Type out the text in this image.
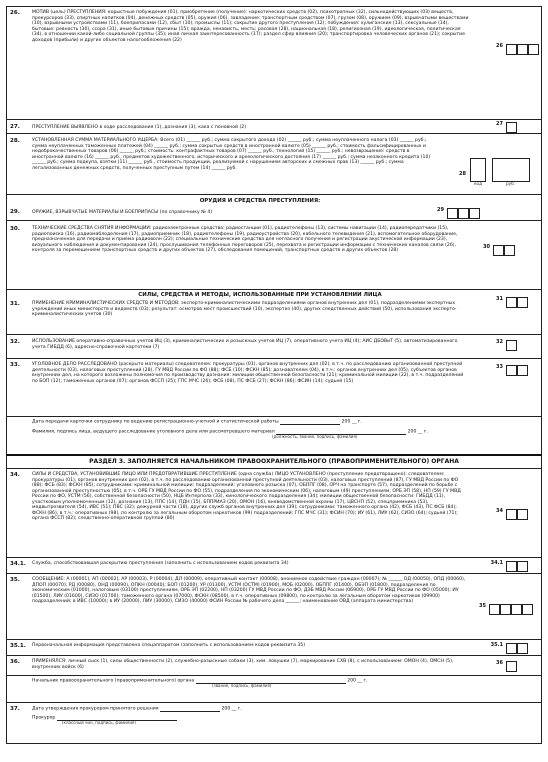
26.	МОТИВ (цель) ПРЕСТУПЛЕНИЯ: корыстные побуждения (01), приобретение (получение): наркотических средств (02), психотропных (32), сильнодействующих (03) веществ, прекурсоров (33), спиртных напитков (04), денежных средств (05), оружия (06), завладение: транспортным средством (07), грузом (08), оружием (09), взрывчатыми веществами (10), взрывными устройствами (11), боеприпасами (12), сбыт (10); промыслы (11); сокрытие другого преступления (12); побуждения: хулиганские (13), сексуальные (14), бытовые: ревность (30), ссора (31), иные бытовые причины (15); вражда, ненависть, месть: расовая (28), национальная (18), религиозная (19), идеологическая, политическая (34), в отношении какой-либо социальной группы (35); иная личная заинтересованность (17); раздел сфер влияния (20); транспортировка человеческих органов (21); сокрытие доходов (прибыли) и других объектов налогообложения (22)
26
27.	ПРЕСТУПЛЕНИЕ ВЫЯВЛЕНО в ходе расследования (1), дознания (3); кака с поновной (2)
27
28.	УСТАНОВЛЕННАЯ СУММА МАТЕРИАЛЬНОГО УЩЕРБА: Всего (01) ______ руб.; сумма сокрытого дохода (02) ______ руб.; сумма неуплаченного налога (03) ______ руб.; сумма неуплаченных таможенных платежей (04) ______ руб.; сумма сокрытых средств в иностранной валюте (05) ______ руб.; стоимость фальсифицированных и недоброкачественных товаров (06) ______ руб.; стоимость: контрафактных товаров (07) ______ руб., технологий (15) ______ руб.; невозвращение: средств в иностранной валюте (16) ______ руб., предметов художественного, исторического и археологического достояния (17) ______ руб.; сумма незаконного кредита (10) ______ руб.; сумма подкупа, взятки (11) ______ руб., стоимость продукции, реализуемой с нарушением авторских и смежных прав (13) ______ руб.; сумма легализованных денежных средств, полученных преступным путем (14) ______ руб.
28
код	руб.
ОРУДИЯ И СРЕДСТВА ПРЕСТУПЛЕНИЯ:
29.	ОРУЖИЕ, ВЗРЫВЧАТЫЕ МАТЕРИАЛЫ И БОЕПРИПАСЫ (по справочнику № 4)	29
30.	ТЕХНИЧЕСКИЕ СРЕДСТВА СНЯТИЯ ИНФОРМАЦИИ: радиоэлектронные средства: радиостанции (01), радиотелефоны (13), системы навигации (14), радиопередатчики (15), радиопоиска (16), радиомаблоделения (17), радиоприемник (18), радиотелефоны (19), радиоустройства (20), кабельного телевидения (21), вспомогательное оборудование, предназначенное для передачи и приема радиоволн (22); специальные технические средства для негласного получения и регистрации акустической информации (23), визуального наблюдения и документирования (24), прослушивания телефонных переговоров (25), перехвата и регистрации информации с технических каналов связи (26), контроля за перемещением транспортных средств и других объектов (27), обследования помещений, транспортных средств и других объектов (28)
30
СИЛЫ, СРЕДСТВА И МЕТОДЫ, ИСПОЛЬЗОВАННЫЕ ПРИ УСТАНОВЛЕНИИ ЛИЦА
31.	ПРИМЕНЕНИЕ КРИМИНАЛИСТИЧЕСКИХ СРЕДСТВ И МЕТОДОВ: эксперто-криминалистическими подразделениями органов внутренних дел (01), подразделениями экспертных учреждений иных министерств и ведомств (03); результат: осмотров мест происшествий (10), экспертиз (40), других следственных действий (50), использования эксперто-криминалистических учетов (30)
31
32.	ИСПОЛЬЗОВАНИЕ оперативно-справочных учетов ИЦ (3), криминалистических и розыскных учетов ИЦ (7), оперативного учета ИЦ (4); АИС ДБОВиТ (5), автоматизированного учета ГИБДД (6), адресно-справочной картотеки (7)
32
33.	УГОЛОВНОЕ ДЕЛО РАССЛЕДОВАНО (раскрыто материалы) следователем: прокуратуры (01), органов внутренних дел (02), в т.ч. по расследованию организованной преступной деятельности (03), налоговых преступлений (28), ГУ МВД России по ФО (88); ФСБ (10); ФСКН (85); дознавателем (04), в т.ч.: органов внутренних дел (05), субъектов органов внутренних дел, на которого возложены полномочия по производству дознания: милиции общественной безопасности (21); криминальной милиции (22), в т.ч. подразделений по БОП (12); таможенных органов (07); органов ФССП (25); ГПС МЧС (26); ФСБ (08), ПС ФСБ (27); ФСКН (86); ФСИН (14); судьей (15)
33
Дата передачи карточки сотруднику по ведению регистрационно-учетной и статистической работы	200 __ г.
Фамилия, подпись лица, ведущего расследование уголовного дела или рассмотревшего материал	200 __ г.
(должность, звание, подпись, фамилия)
РАЗДЕЛ 3. ЗАПОЛНЯЕТСЯ НАЧАЛЬНИКОМ ПРАВООХРАНИТЕЛЬНОГО (ПРАВОПРИМЕНИТЕЛЬНОГО) ОРГАНА
34.	СИЛЫ И СРЕДСТВА, УСТАНОВИВШИЕ ЛИЦО ИЛИ ПРЕДОТВРАТИВШИЕ ПРЕСТУПЛЕНИЕ (одна служба) ЛИЦО УСТАНОВЛЕНО (преступление предотвращено): следователем: прокуратуры (01), органов внутренних дел (02), в т.ч. по расследованию организованной преступной деятельности (03), налоговых преступлений (87), ГУ МВД России по ФО (88); ФСБ (83); ФСКН (85); сотрудниками: криминальной милиции: подразделений: уголовного розыска (07), ОБППГ (08), ОРЧ на транспорте (57), подразделений по борьбе с организованной преступностью (05), в т.ч. ОРБ ГУ МВД России по ФО (55), подразделения по экономическим (06), налоговым (49) преступлениям, ОРБ ЭП (58), НП (59) ГУ МВД России по ФО, УСТМ (56), собственной безопасности (50), НЦБ Интерпола (33), кинологического подразделения (34); милиции общественной безопасности: ГИБДД (11), участковым уполномоченным (12), дознания (13), ППС (14), ПДН (15), БППРИАЗ (20), ОМОН (16), вневедомственной охраны (17), ЦВСНП (52), спецприемника (53), медвытрезвителя (54), ИВС (51); ПВС (32); дежурной части (18), других служб органов внутренних дел (39); сотрудниками: таможенного органа (42), ФСБ (43), ПС ФСБ (84); ФСКН (86), в т.ч.: оперативных (98), по контролю за легальным оборотом наркотиков (99) подразделений; ГПС МЧС (31); ФСИН (70); ИУ (61), ЛИУ (62), СИЗО (64); судьей (71); органа ФССП (82); следственно-оперативной группой (80)
34
34.1. Служба, способствовавшая раскрытию преступления (заполнить с использованием кодов реквизита 34)	34.1
35.	СООБЩЕНИЕ: А (00001), АП (00002), АР (00003), Р (00004), ДЛ (00009), оперативный контакт (00008), анонимное содействие граждан (00007); № ______ ОД (00050), ОПД (00060), ДПОП (00070), РД (00080), ОНД (00090), ОПКН (00040); БОП (01200), УР (01300), УСТМ (ОСТМ) (01900), МОБ (02000), ОБППГ (01400), ОБЭП (01800), подразделения по экономическим (01000), налоговым (03100) преступлениям, ОРБ ЭП (02200), НП (03200) ГУ МВД России по ФО, ДЭБ МВД России (06900), ОРБ ГУ МВД России по ФО (05000); ИУ (01500), ЛИУ (01600), СИЗО (01700), таможенного органа (07000), ФСКН (08500), в т.ч. оперативных (09800), по контролю за легальным оборотом наркотиков (09900) подразделений; в ИВС (10000); в ИУ (20000), ЛИУ (30000), СИЗО (40000) ФСИН России № рабочего дела ______; наименование ОВД (аппарата министерства)
35
35.1. Первоначальная информация представлена спецаппаратом (заполнить с использованием кодов реквизита 35)	35.1
36.	ПРИМЕНЯЛСЯ: личный сыск (1), силы общественности (2), служебно-разыскные собаки (3), хим. ловушки (7), маркирование СХВ (8), с использованием: ОМОН (4), ОМСН (5), внутренних войск (6)
36
Начальник правоохранительного (правоприменительного) органа	200 __ г.
(звание, подпись, фамилия)
37.	Дата утверждения прокурором принятого решения	200 __ г.
Прокурор
(классный чин, подпись, фамилия)
